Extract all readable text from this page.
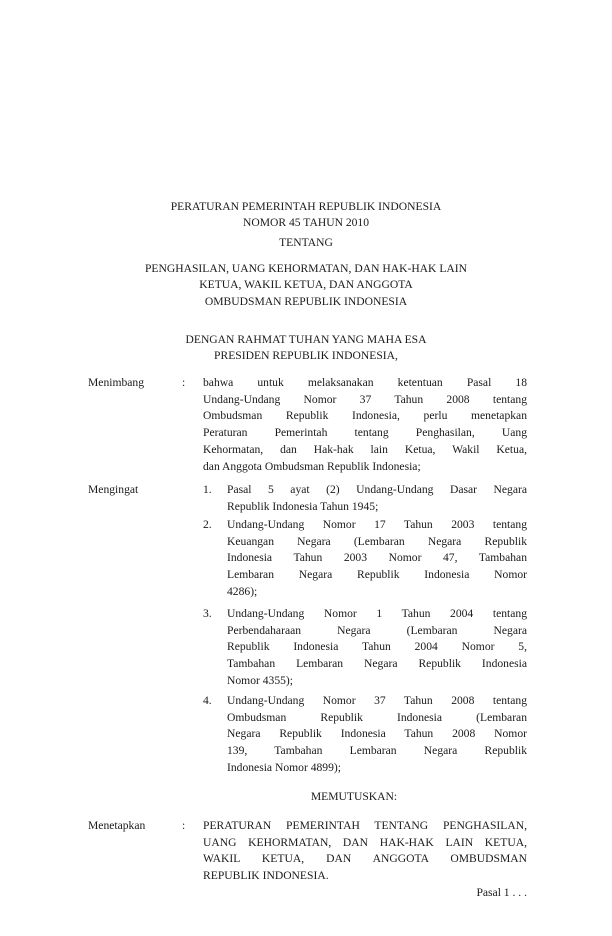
PERATURAN PEMERINTAH REPUBLIK INDONESIA
NOMOR 45 TAHUN 2010
TENTANG
PENGHASILAN, UANG KEHORMATAN, DAN HAK-HAK LAIN
KETUA, WAKIL KETUA, DAN ANGGOTA
OMBUDSMAN REPUBLIK INDONESIA
DENGAN RAHMAT TUHAN YANG MAHA ESA
PRESIDEN REPUBLIK INDONESIA,
Menimbang	: bahwa untuk melaksanakan ketentuan Pasal 18
Undang-Undang Nomor 37 Tahun 2008 tentang
Ombudsman Republik Indonesia, perlu menetapkan
Peraturan Pemerintah tentang Penghasilan, Uang
Kehormatan, dan Hak-hak lain Ketua, Wakil Ketua,
dan Anggota Ombudsman Republik Indonesia;
Mengingat	1. Pasal 5 ayat (2) Undang-Undang Dasar Negara
Republik Indonesia Tahun 1945;
2. Undang-Undang Nomor 17 Tahun 2003 tentang
Keuangan Negara (Lembaran Negara Republik
Indonesia Tahun 2003 Nomor 47, Tambahan
Lembaran Negara Republik Indonesia Nomor
4286);
3. Undang-Undang Nomor 1 Tahun 2004 tentang
Perbendaharaan Negara (Lembaran Negara
Republik Indonesia Tahun 2004 Nomor 5,
Tambahan Lembaran Negara Republik Indonesia
Nomor 4355);
4. Undang-Undang Nomor 37 Tahun 2008 tentang
Ombudsman Republik Indonesia (Lembaran
Negara Republik Indonesia Tahun 2008 Nomor
139, Tambahan Lembaran Negara Republik
Indonesia Nomor 4899);
MEMUTUSKAN:
Menetapkan	: PERATURAN PEMERINTAH TENTANG PENGHASILAN,
UANG KEHORMATAN, DAN HAK-HAK LAIN KETUA,
WAKIL KETUA, DAN ANGGOTA OMBUDSMAN
REPUBLIK INDONESIA.
Pasal 1 . . .
